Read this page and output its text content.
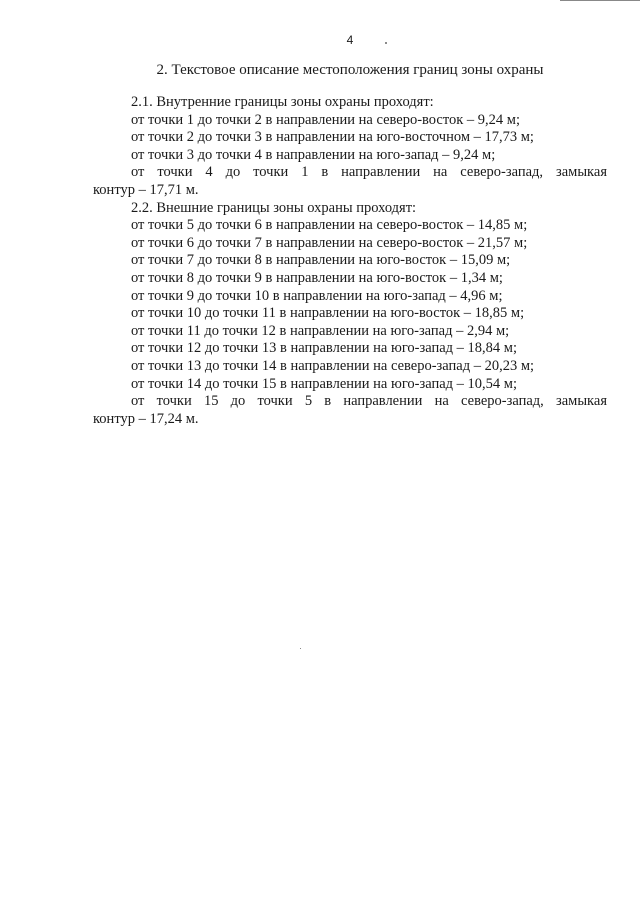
4
2. Текстовое описание местоположения границ зоны охраны
2.1. Внутренние границы зоны охраны проходят:
от точки 1 до точки 2 в направлении на северо-восток – 9,24 м;
от точки 2 до точки 3 в направлении на юго-восточном – 17,73 м;
от точки 3 до точки 4 в направлении на юго-запад – 9,24 м;
от точки 4 до точки 1 в направлении на северо-запад, замыкая
контур – 17,71 м.
2.2. Внешние границы зоны охраны проходят:
от точки 5 до точки 6 в направлении на северо-восток – 14,85 м;
от точки 6 до точки 7 в направлении на северо-восток – 21,57 м;
от точки 7 до точки 8 в направлении на юго-восток – 15,09 м;
от точки 8 до точки 9 в направлении на юго-восток – 1,34 м;
от точки 9 до точки 10 в направлении на юго-запад – 4,96 м;
от точки 10 до точки 11 в направлении на юго-восток – 18,85 м;
от точки 11 до точки 12 в направлении на юго-запад – 2,94 м;
от точки 12 до точки 13 в направлении на юго-запад – 18,84 м;
от точки 13 до точки 14 в направлении на северо-запад – 20,23 м;
от точки 14 до точки 15 в направлении на юго-запад – 10,54 м;
от точки 15 до точки 5 в направлении на северо-запад, замыкая
контур – 17,24 м.
